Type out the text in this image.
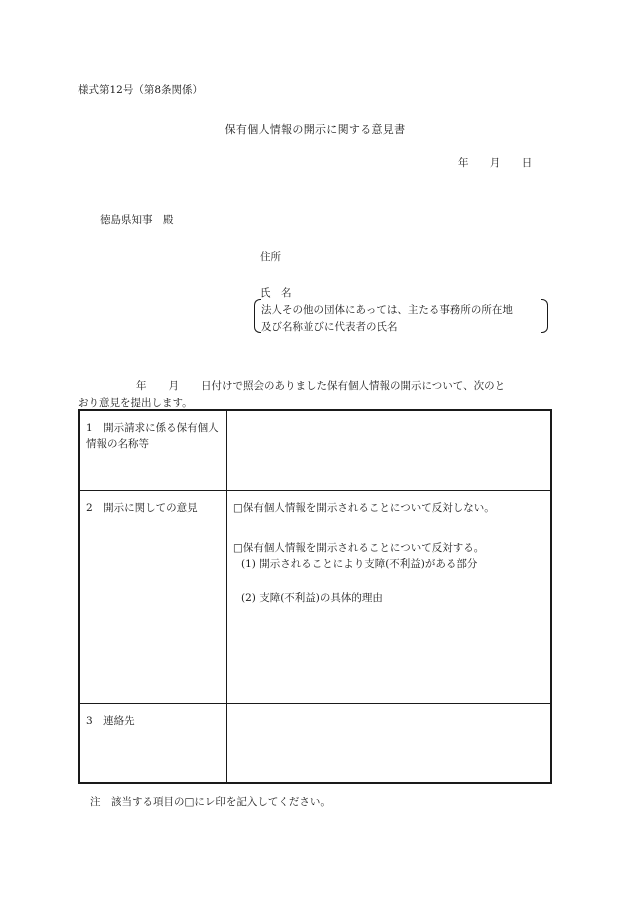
様式第12号（第8条関係）
保有個人情報の開示に関する意見書
年 月 日
徳島県知事　殿
住所
氏　名
法人その他の団体にあっては、主たる事務所の所在地
及び名称並びに代表者の氏名
年 月 日付けで照会のありました保有個人情報の開示について、次のと
おり意見を提出します。
1　開示請求に係る保有個人情報の名称等	
2　開示に関しての意見	□保有個人情報を開示されることについて反対しない。
□保有個人情報を開示されることについて反対する。
(1) 開示されることにより支障(不利益)がある部分
(2) 支障(不利益)の具体的理由

3　連絡先	
注　該当する項目の□にレ印を記入してください。
